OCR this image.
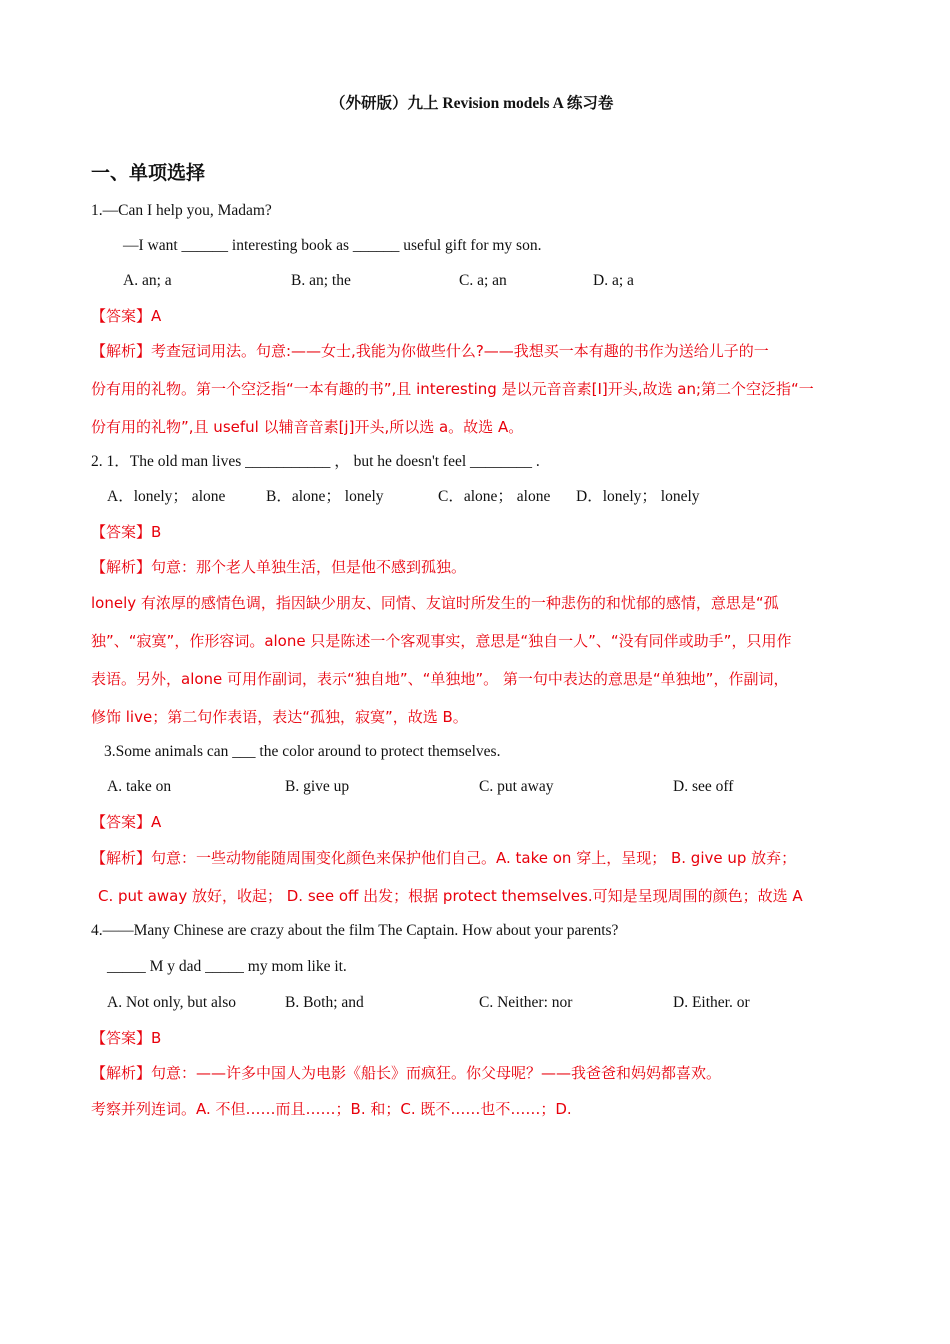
（外研版）九上 Revision models A 练习卷
一、单项选择
1.—Can I help you, Madam?
—I want ______ interesting book as ______ useful gift for my son.
A. an; a	B. an; the	C. a; an	D. a; a
【答案】A
【解析】考查冠词用法。句意:——女士,我能为你做些什么?——我想买一本有趣的书作为送给儿子的一
份有用的礼物。第一个空泛指“一本有趣的书”,且 interesting 是以元音音素[I]开头,故选 an;第二个空泛指“一
份有用的礼物”,且 useful 以辅音音素[j]开头,所以选 a。故选 A。
2. 1．The old man lives ___________ ， but he doesn't feel ________ .
A．lonely； alone	B．alone； lonely	C．alone； alone D．lonely； lonely
【答案】B
【解析】句意：那个老人单独生活，但是他不感到孤独。
lonely 有浓厚的感情色调，指因缺少朋友、同情、友谊时所发生的一种悲伤的和忧郁的感情，意思是“孤
独”、“寂寞”，作形容词。alone 只是陈述一个客观事实，意思是“独自一人”、“没有同伴或助手”，只用作
表语。另外，alone 可用作副词，表示“独自地”、“单独地”。 第一句中表达的意思是“单独地”，作副词，
修饰 live；第二句作表语，表达“孤独，寂寞”，故选 B。
3.Some animals can ___ the color around to protect themselves.
A. take on	B. give up	C. put away	D. see off
【答案】A
【解析】句意：一些动物能随周围变化颜色来保护他们自己。A. take on 穿上，呈现； B. give up 放弃；
C. put away 放好，收起； D. see off 出发；根据 protect themselves.可知是呈现周围的颜色；故选 A
4.——Many Chinese are crazy about the film The Captain. How about your parents?
_____ M y dad _____ my mom like it.
A. Not only, but also	B. Both; and	C. Neither: nor	D. Either. or
【答案】B
【解析】句意：——许多中国人为电影《船长》而疯狂。你父母呢？——我爸爸和妈妈都喜欢。
考察并列连词。A. 不但……而且……；B. 和；C. 既不……也不……；D.
